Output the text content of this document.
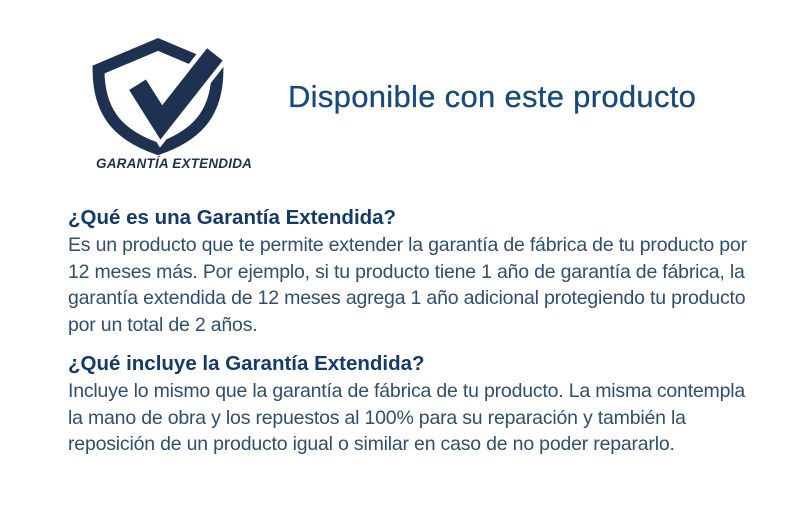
GARANTÍA EXTENDIDA
Disponible con este producto
¿Qué es una Garantía Extendida?

Es un producto que te permite extender la garantía de fábrica de tu producto por 12 meses más. Por ejemplo, si tu producto tiene 1 año de garantía de fábrica, la garantía extendida de 12 meses agrega 1 año adicional protegiendo tu producto por un total de 2 años.

¿Qué incluye la Garantía Extendida?

Incluye lo mismo que la garantía de fábrica de tu producto. La misma contempla la mano de obra y los repuestos al 100% para su reparación y también la reposición de un producto igual o similar en caso de no poder repararlo.
